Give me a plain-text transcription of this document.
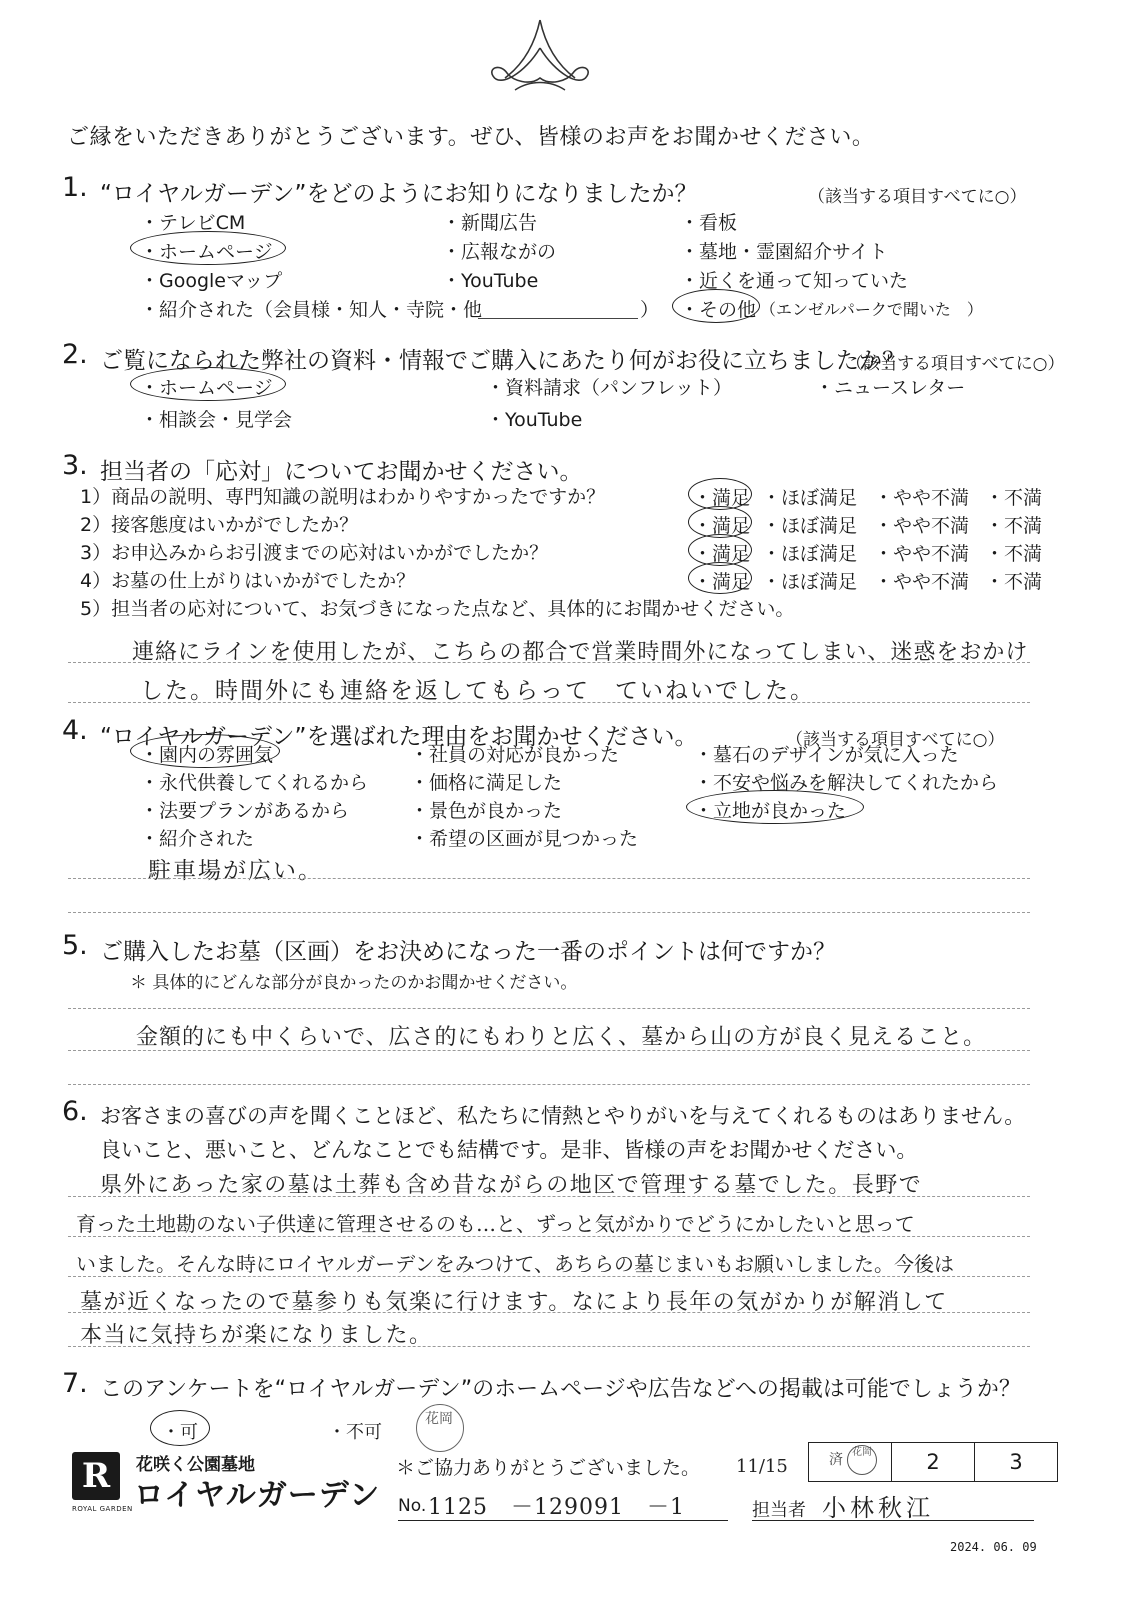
ご縁をいただきありがとうございます。ぜひ、皆様のお声をお聞かせください。
1. “ロイヤルガーデン”をどのようにお知りになりましたか？	（該当する項目すべてに○）
・テレビCM	・新聞広告	・看板
・ホームページ	・広報ながの	・墓地・霊園紹介サイト
・Googleマップ	・YouTube	・近くを通って知っていた
・紹介された（会員様・知人・寺院・他	） ・その他 （エンゼルパークで聞いた　）
2. ご覧になられた弊社の資料・情報でご購入にあたり何がお役に立ちましたか？
（該当する項目すべてに○）
・ホームページ	・資料請求（パンフレット）	・ニュースレター
・相談会・見学会	・YouTube
3. 担当者の「応対」についてお聞かせください。
1）商品の説明、専門知識の説明はわかりやすかったですか？	・満足 ・ほぼ満足 ・やや不満 ・不満
2）接客態度はいかがでしたか？	・満足 ・ほぼ満足 ・やや不満 ・不満
3）お申込みからお引渡までの応対はいかがでしたか？	・満足 ・ほぼ満足 ・やや不満 ・不満
4）お墓の仕上がりはいかがでしたか？	・満足 ・ほぼ満足 ・やや不満 ・不満
5）担当者の応対について、お気づきになった点など、具体的にお聞かせください。
連絡にラインを使用したが、こちらの都合で営業時間外になってしまい、迷惑をおかけ
した。時間外にも連絡を返してもらって　ていねいでした。
4. “ロイヤルガーデン”を選ばれた理由をお聞かせください。	（該当する項目すべてに○）
・園内の雰囲気	・社員の対応が良かった	・墓石のデザインが気に入った
・永代供養してくれるから ・価格に満足した	・不安や悩みを解決してくれたから
・法要プランがあるから	・景色が良かった	・立地が良かった
・紹介された	・希望の区画が見つかった
駐車場が広い。
5. ご購入したお墓（区画）をお決めになった一番のポイントは何ですか？
＊ 具体的にどんな部分が良かったのかお聞かせください。
金額的にも中くらいで、広さ的にもわりと広く、墓から山の方が良く見えること。
6. お客さまの喜びの声を聞くことほど、私たちに情熱とやりがいを与えてくれるものはありません。
良いこと、悪いこと、どんなことでも結構です。是非、皆様の声をお聞かせください。
県外にあった家の墓は土葬も含め昔ながらの地区で管理する墓でした。長野で
育った土地勘のない子供達に管理させるのも…と、ずっと気がかりでどうにかしたいと思って
いました。そんな時にロイヤルガーデンをみつけて、あちらの墓じまいもお願いしました。今後は
墓が近くなったので墓参りも気楽に行けます。なにより長年の気がかりが解消して
本当に気持ちが楽になりました。
7. このアンケートを“ロイヤルガーデン”のホームページや広告などへの掲載は可能でしょうか？
・可	・不可
花岡
R
ROYAL GARDEN
花咲く公園墓地
ロイヤルガーデン
＊ご協力ありがとうございました。
No. 1125　－129091　－1
11/15	済 花岡	2	3
担当者 小林秋江
2024. 06. 09
